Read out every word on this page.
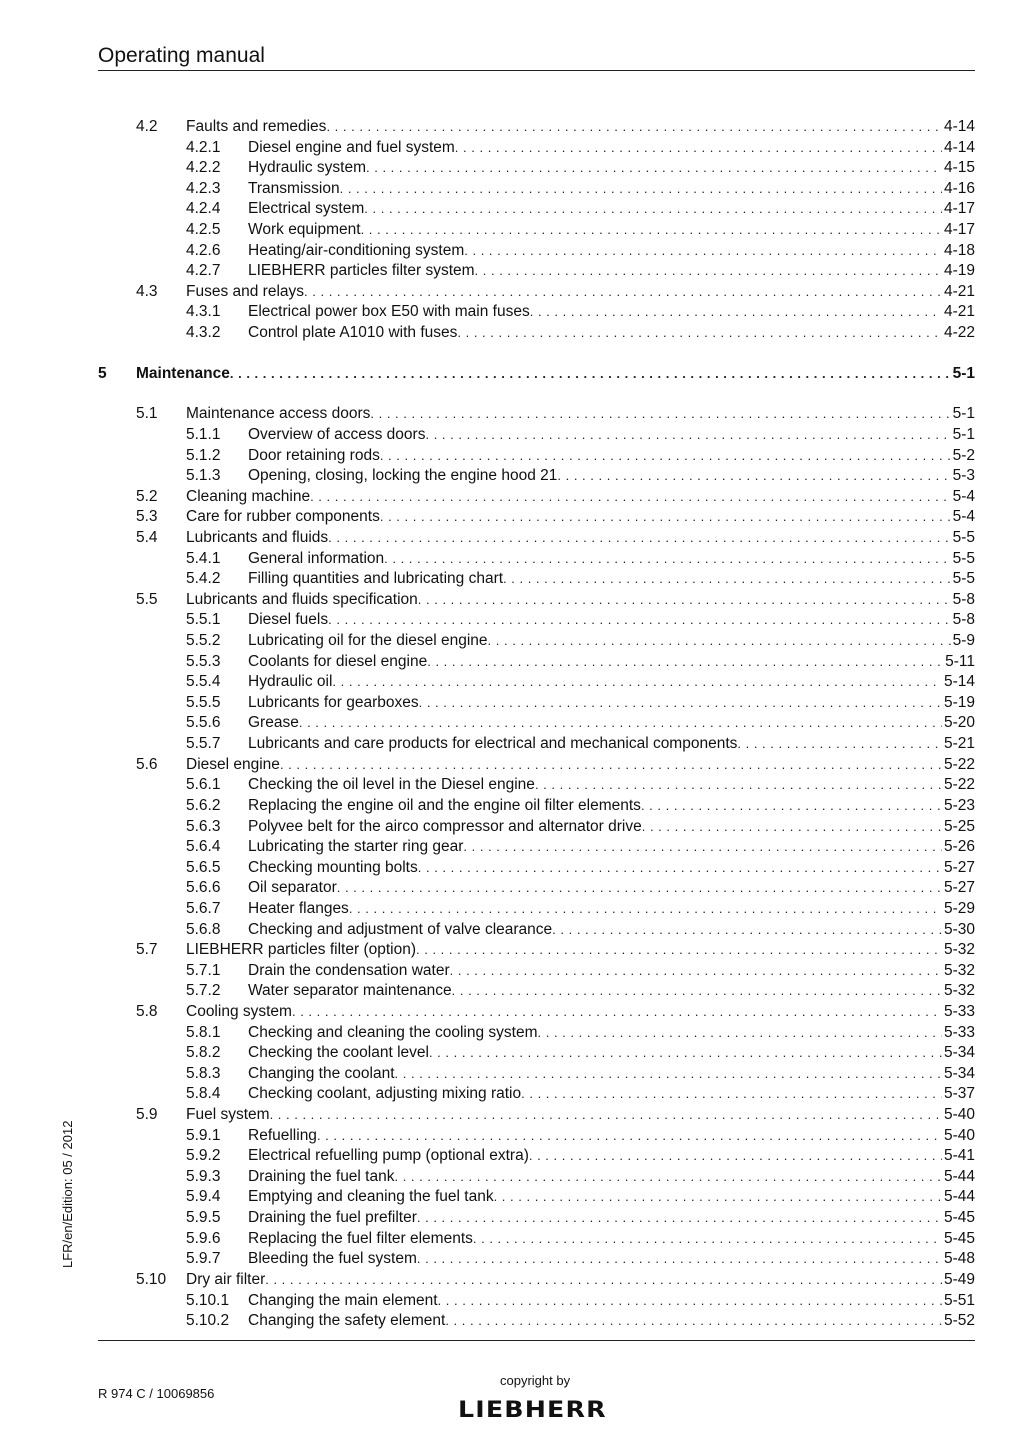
Operating manual
4.2 Faults and remedies . . .	4-14
4.2.1 Diesel engine and fuel system . . .	4-14
4.2.2 Hydraulic system . . .	4-15
4.2.3 Transmission . . .	4-16
4.2.4 Electrical system . . .	4-17
4.2.5 Work equipment . . .	4-17
4.2.6 Heating/air-conditioning system . . .	4-18
4.2.7 LIEBHERR particles filter system . . .	4-19
4.3 Fuses and relays . . .	4-21
4.3.1 Electrical power box E50 with main fuses . . .	4-21
4.3.2 Control plate A1010 with fuses . . .	4-22
5 Maintenance . . .	5-1
5.1 Maintenance access doors . . .	5-1
5.1.1 Overview of access doors . . .	5-1
5.1.2 Door retaining rods . . .	5-2
5.1.3 Opening, closing, locking the engine hood 21 . . .	5-3
5.2 Cleaning machine . . .	5-4
5.3 Care for rubber components . . .	5-4
5.4 Lubricants and fluids . . .	5-5
5.4.1 General information . . .	5-5
5.4.2 Filling quantities and lubricating chart . . .	5-5
5.5 Lubricants and fluids specification . . .	5-8
5.5.1 Diesel fuels . . .	5-8
5.5.2 Lubricating oil for the diesel engine . . .	5-9
5.5.3 Coolants for diesel engine . . .	5-11
5.5.4 Hydraulic oil . . .	5-14
5.5.5 Lubricants for gearboxes . . .	5-19
5.5.6 Grease . . .	5-20
5.5.7 Lubricants and care products for electrical and mechanical components . . .	5-21
5.6 Diesel engine . . .	5-22
5.6.1 Checking the oil level in the Diesel engine . . .	5-22
5.6.2 Replacing the engine oil and the engine oil filter elements . . .	5-23
5.6.3 Polyvee belt for the airco compressor and alternator drive . . .	5-25
5.6.4 Lubricating the starter ring gear . . .	5-26
5.6.5 Checking mounting bolts . . .	5-27
5.6.6 Oil separator . . .	5-27
5.6.7 Heater flanges . . .	5-29
5.6.8 Checking and adjustment of valve clearance . . .	5-30
5.7 LIEBHERR particles filter (option) . . .	5-32
5.7.1 Drain the condensation water . . .	5-32
5.7.2 Water separator maintenance . . .	5-32
5.8 Cooling system . . .	5-33
5.8.1 Checking and cleaning the cooling system . . .	5-33
5.8.2 Checking the coolant level . . .	5-34
5.8.3 Changing the coolant . . .	5-34
5.8.4 Checking coolant, adjusting mixing ratio . . .	5-37
5.9 Fuel system . . .	5-40
5.9.1 Refuelling . . .	5-40
5.9.2 Electrical refuelling pump (optional extra) . . .	5-41
5.9.3 Draining the fuel tank . . .	5-44
5.9.4 Emptying and cleaning the fuel tank . . .	5-44
5.9.5 Draining the fuel prefilter . . .	5-45
5.9.6 Replacing the fuel filter elements . . .	5-45
5.9.7 Bleeding the fuel system . . .	5-48
5.10 Dry air filter . . .	5-49
5.10.1 Changing the main element . . .	5-51
5.10.2 Changing the safety element . . .	5-52
LFR/en/Edition: 05 / 2012
R 974 C / 10069856
copyright by
LIEBHERR
